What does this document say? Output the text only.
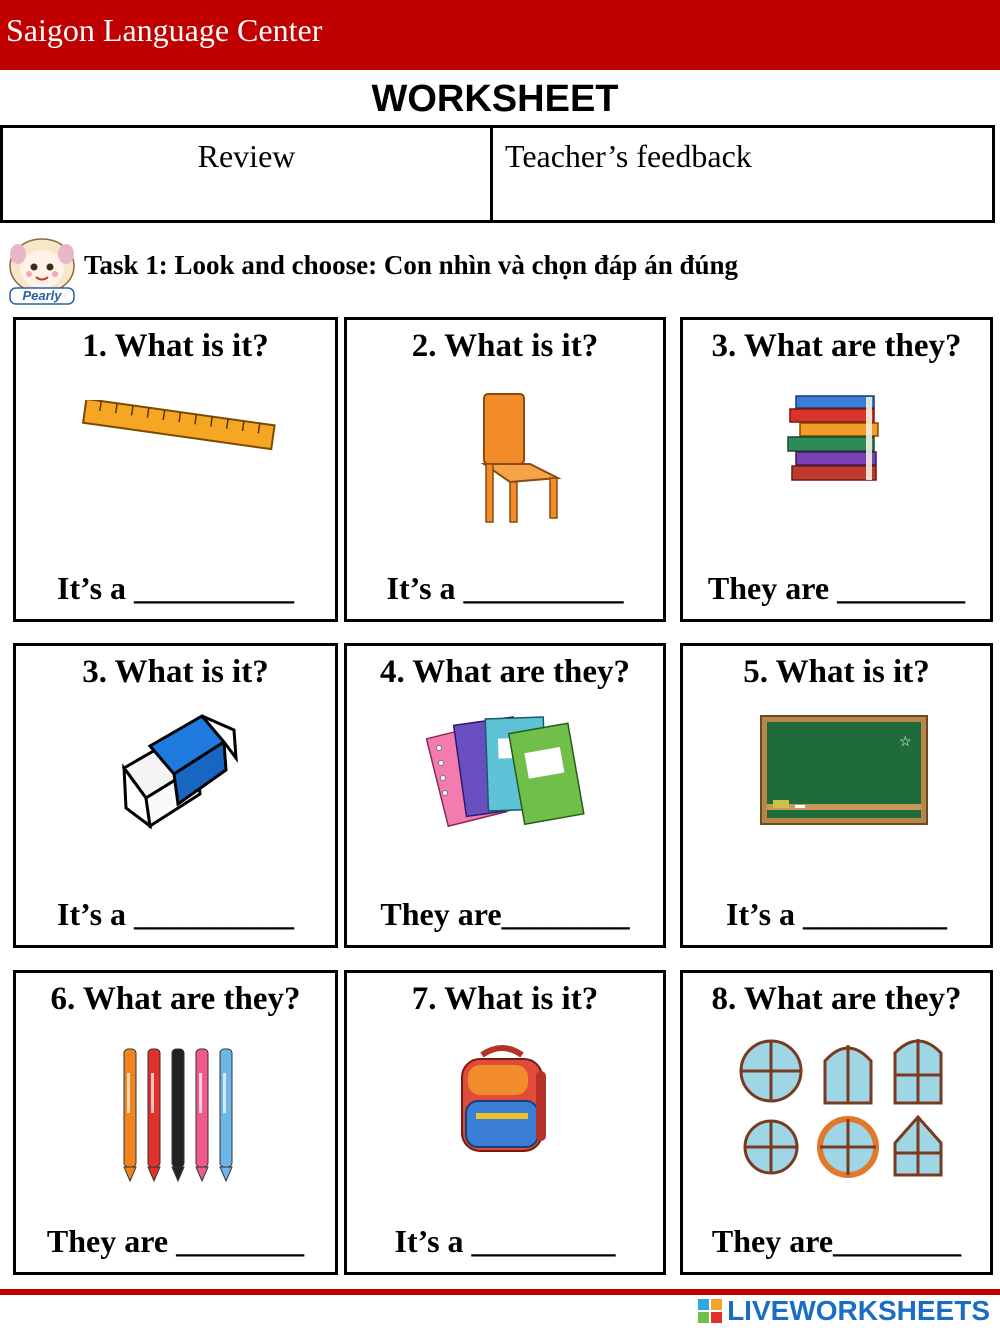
Saigon Language Center
WORKSHEET
Review	Teacher’s feedback
Pearly
Task 1: Look and choose: Con nhìn và chọn đáp án đúng
1. What is it?
It’s a __________
2. What is it?
It’s a __________
3. What are they?
They are ________
3. What is it?
It’s a __________
4. What are they?
They are________
5. What is it?
☆
It’s a _________
6. What are they?
They are ________
7. What is it?
It’s a _________
8. What are they?
They are________
LIVEWORKSHEETS
